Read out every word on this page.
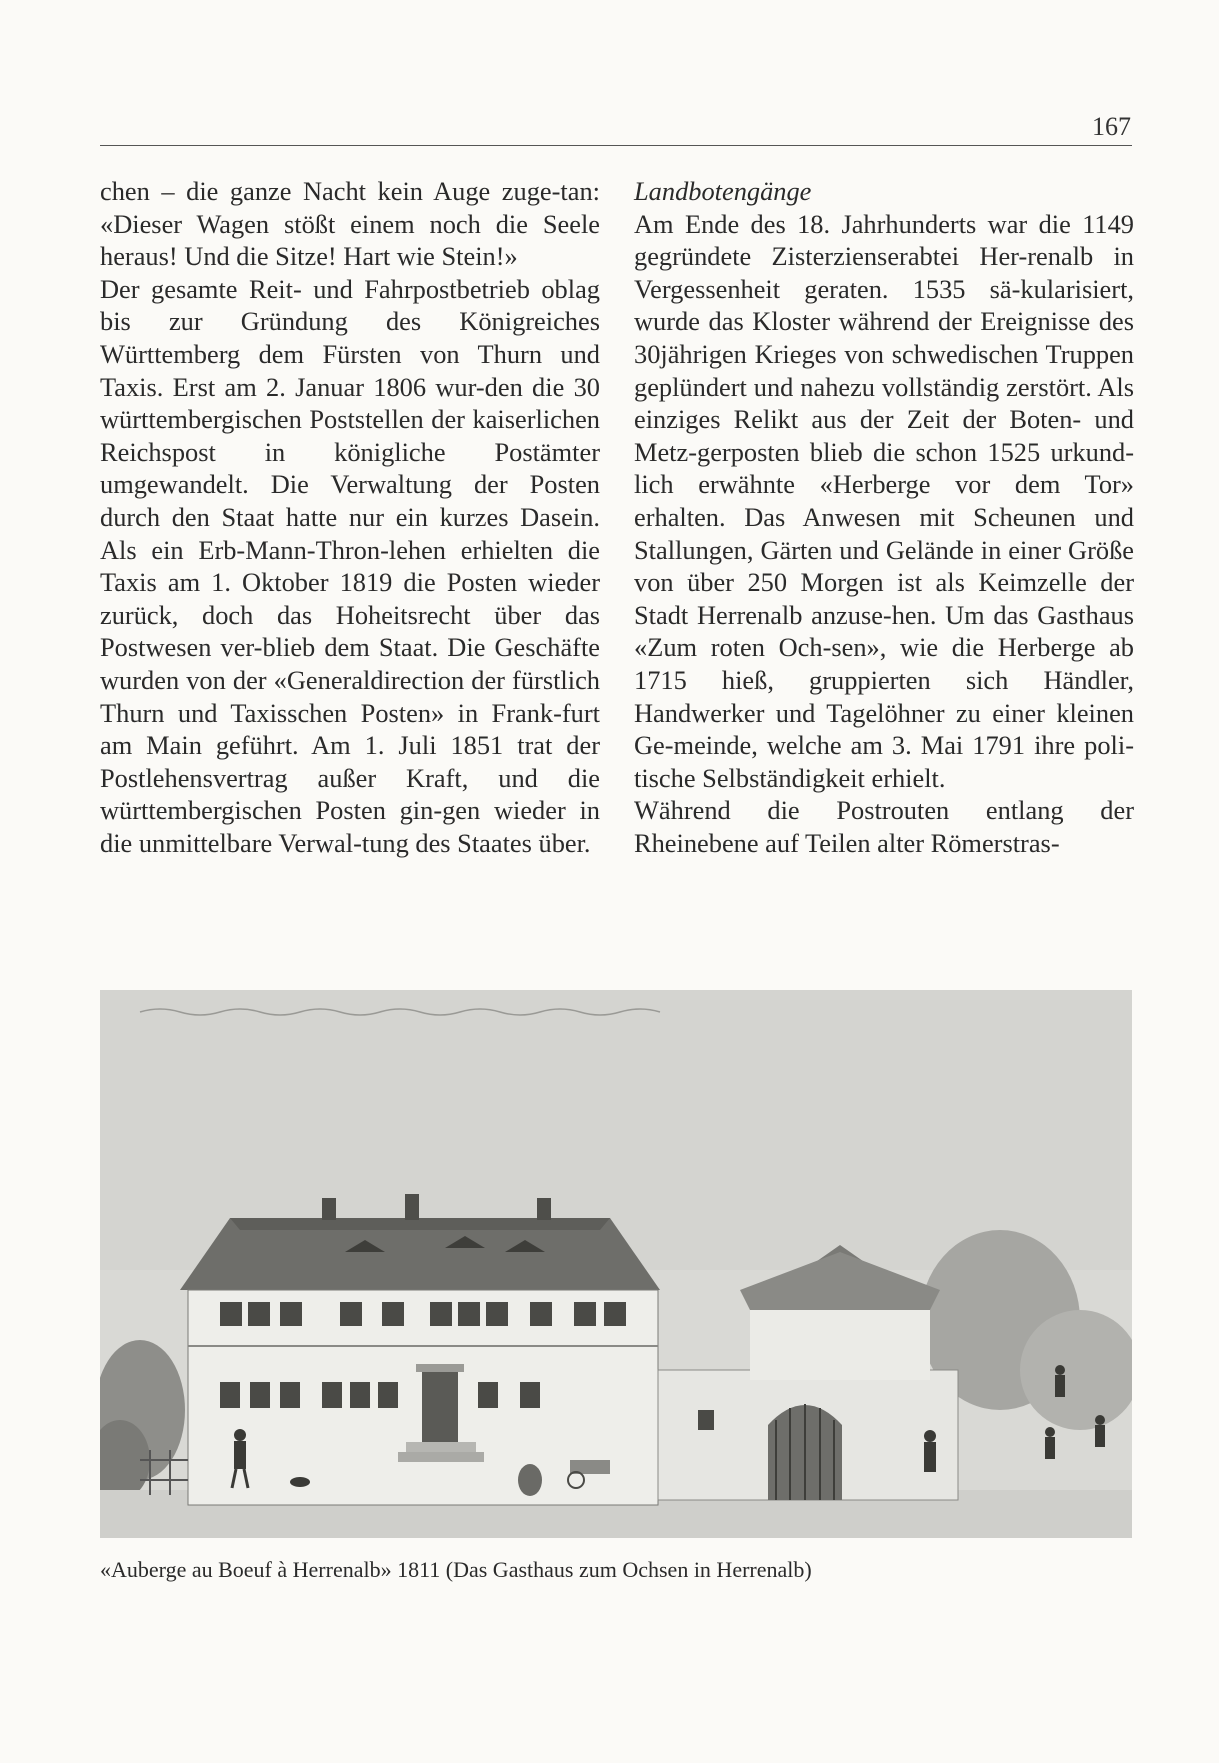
167

chen – die ganze Nacht kein Auge zuge-tan: «Dieser Wagen stößt einem noch die Seele heraus! Und die Sitze! Hart wie Stein!»

Der gesamte Reit- und Fahrpostbetrieb oblag bis zur Gründung des Königreiches Württemberg dem Fürsten von Thurn und Taxis. Erst am 2. Januar 1806 wur-den die 30 württembergischen Poststellen der kaiserlichen Reichspost in königliche Postämter umgewandelt. Die Verwaltung der Posten durch den Staat hatte nur ein kurzes Dasein. Als ein Erb-Mann-Thron-lehen erhielten die Taxis am 1. Oktober 1819 die Posten wieder zurück, doch das Hoheitsrecht über das Postwesen ver-blieb dem Staat. Die Geschäfte wurden von der «Generaldirection der fürstlich Thurn und Taxisschen Posten» in Frank-furt am Main geführt. Am 1. Juli 1851 trat der Postlehensvertrag außer Kraft, und die württembergischen Posten gin-gen wieder in die unmittelbare Verwal-tung des Staates über.

Landbotengänge

Am Ende des 18. Jahrhunderts war die 1149 gegründete Zisterzienserabtei Her-renalb in Vergessenheit geraten. 1535 sä-kularisiert, wurde das Kloster während der Ereignisse des 30jährigen Krieges von schwedischen Truppen geplündert und nahezu vollständig zerstört. Als einziges Relikt aus der Zeit der Boten- und Metz-gerposten blieb die schon 1525 urkund-lich erwähnte «Herberge vor dem Tor» erhalten. Das Anwesen mit Scheunen und Stallungen, Gärten und Gelände in einer Größe von über 250 Morgen ist als Keimzelle der Stadt Herrenalb anzuse-hen. Um das Gasthaus «Zum roten Och-sen», wie die Herberge ab 1715 hieß, gruppierten sich Händler, Handwerker und Tagelöhner zu einer kleinen Ge-meinde, welche am 3. Mai 1791 ihre poli-tische Selbständigkeit erhielt.

Während die Postrouten entlang der Rheinebene auf Teilen alter Römerstras-

«Auberge au Boeuf à Herrenalb» 1811 (Das Gasthaus zum Ochsen in Herrenalb)
